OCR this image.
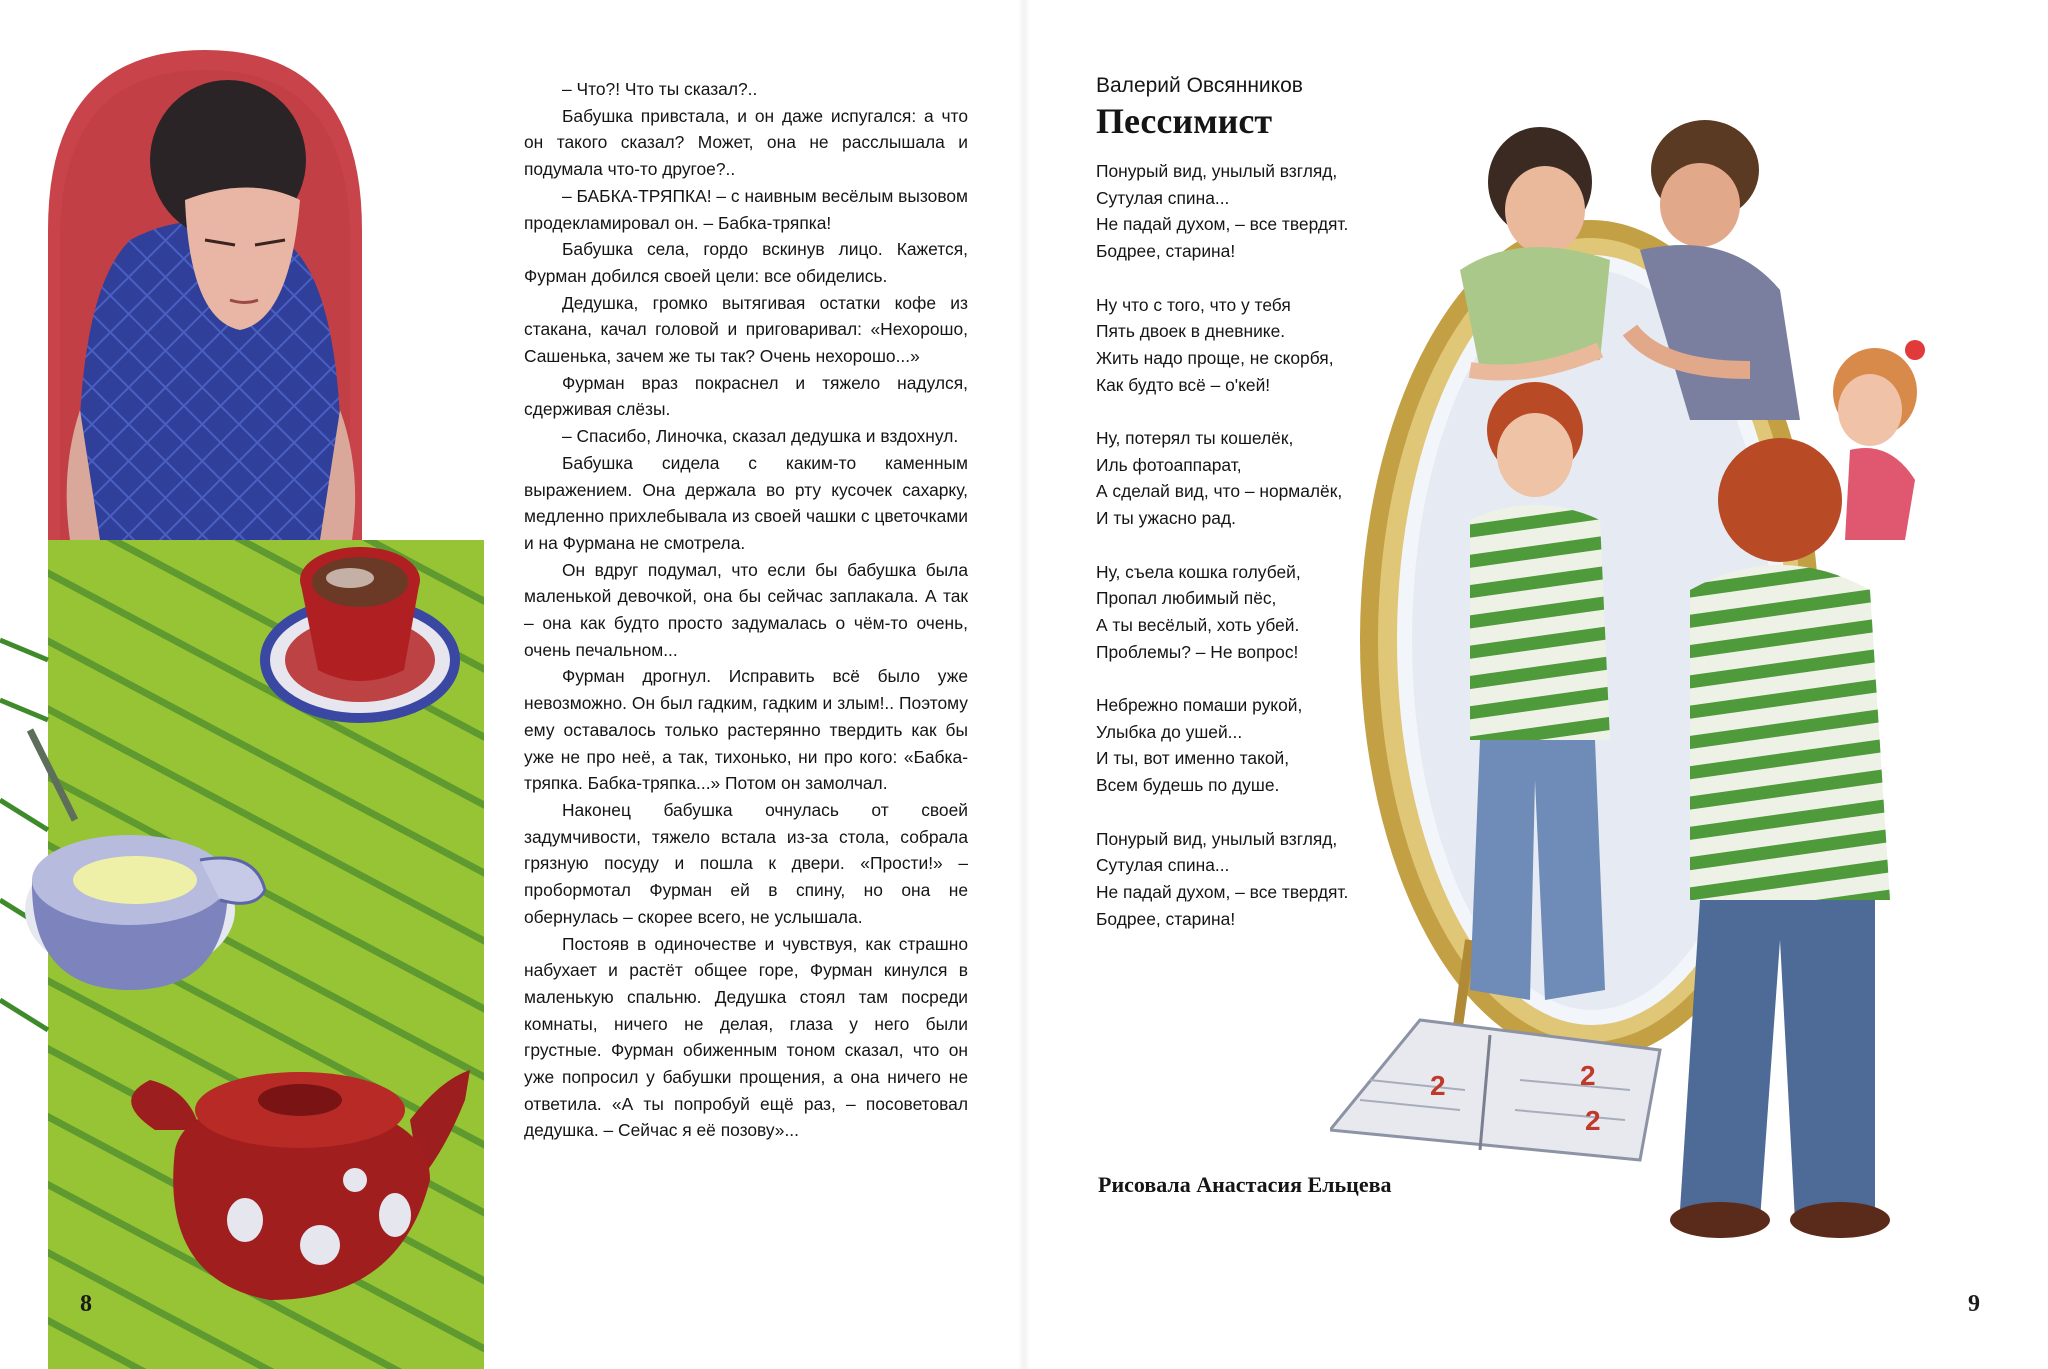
8

– Что?! Что ты сказал?..

Бабушка привстала, и он даже испугался: а что он такого сказал? Может, она не расслышала и подумала что-то другое?..

– БАБКА-ТРЯПКА! – с наивным весёлым вызовом продекламировал он. – Бабка-тряпка!

Бабушка села, гордо вскинув лицо. Кажется, Фурман добился своей цели: все обиделись.

Дедушка, громко вытягивая остатки кофе из стакана, качал головой и приговаривал: «Нехорошо, Сашенька, зачем же ты так? Очень нехорошо...»

Фурман враз покраснел и тяжело надулся, сдерживая слёзы.

– Спасибо, Линочка, сказал дедушка и вздохнул.

Бабушка сидела с каким-то каменным выражением. Она держала во рту кусочек сахарку, медленно прихлебывала из своей чашки с цветочками и на Фурмана не смотрела.

Он вдруг подумал, что если бы бабушка была маленькой девочкой, она бы сейчас заплакала. А так – она как будто просто задумалась о чём-то очень, очень печальном...

Фурман дрогнул. Исправить всё было уже невозможно. Он был гадким, гадким и злым!.. Поэтому ему оставалось только растерянно твердить как бы уже не про неё, а так, тихонько, ни про кого: «Бабка-тряпка. Бабка-тряпка...» Потом он замолчал.

Наконец бабушка очнулась от своей задумчивости, тяжело встала из-за стола, собрала грязную посуду и пошла к двери. «Прости!» – пробормотал Фурман ей в спину, но она не обернулась – скорее всего, не услышала.

Постояв в одиночестве и чувствуя, как страшно набухает и растёт общее горе, Фурман кинулся в маленькую спальню. Дедушка стоял там посреди комнаты, ничего не делая, глаза у него были грустные. Фурман обиженным тоном сказал, что он уже попросил у бабушки прощения, а она ничего не ответила. «А ты попробуй ещё раз, – посоветовал дедушка. – Сейчас я её позову»...

Валерий Овсянников
Пессимист
Понурый вид, унылый взгляд,
Сутулая спина...
Не падай духом, – все твердят.
Бодрее, старина!
Ну что с того, что у тебя
Пять двоек в дневнике.
Жить надо проще, не скорбя,
Как будто всё – о'кей!
Ну, потерял ты кошелёк,
Иль фотоаппарат,
А сделай вид, что – нормалёк,
И ты ужасно рад.
Ну, съела кошка голубей,
Пропал любимый пёс,
А ты весёлый, хоть убей.
Проблемы? – Не вопрос!
Небрежно помаши рукой,
Улыбка до ушей...
И ты, вот именно такой,
Всем будешь по душе.
Понурый вид, унылый взгляд,
Сутулая спина...
Не падай духом, – все твердят.
Бодрее, старина!
Рисовала Анастасия Ельцева
2	2
2
9
